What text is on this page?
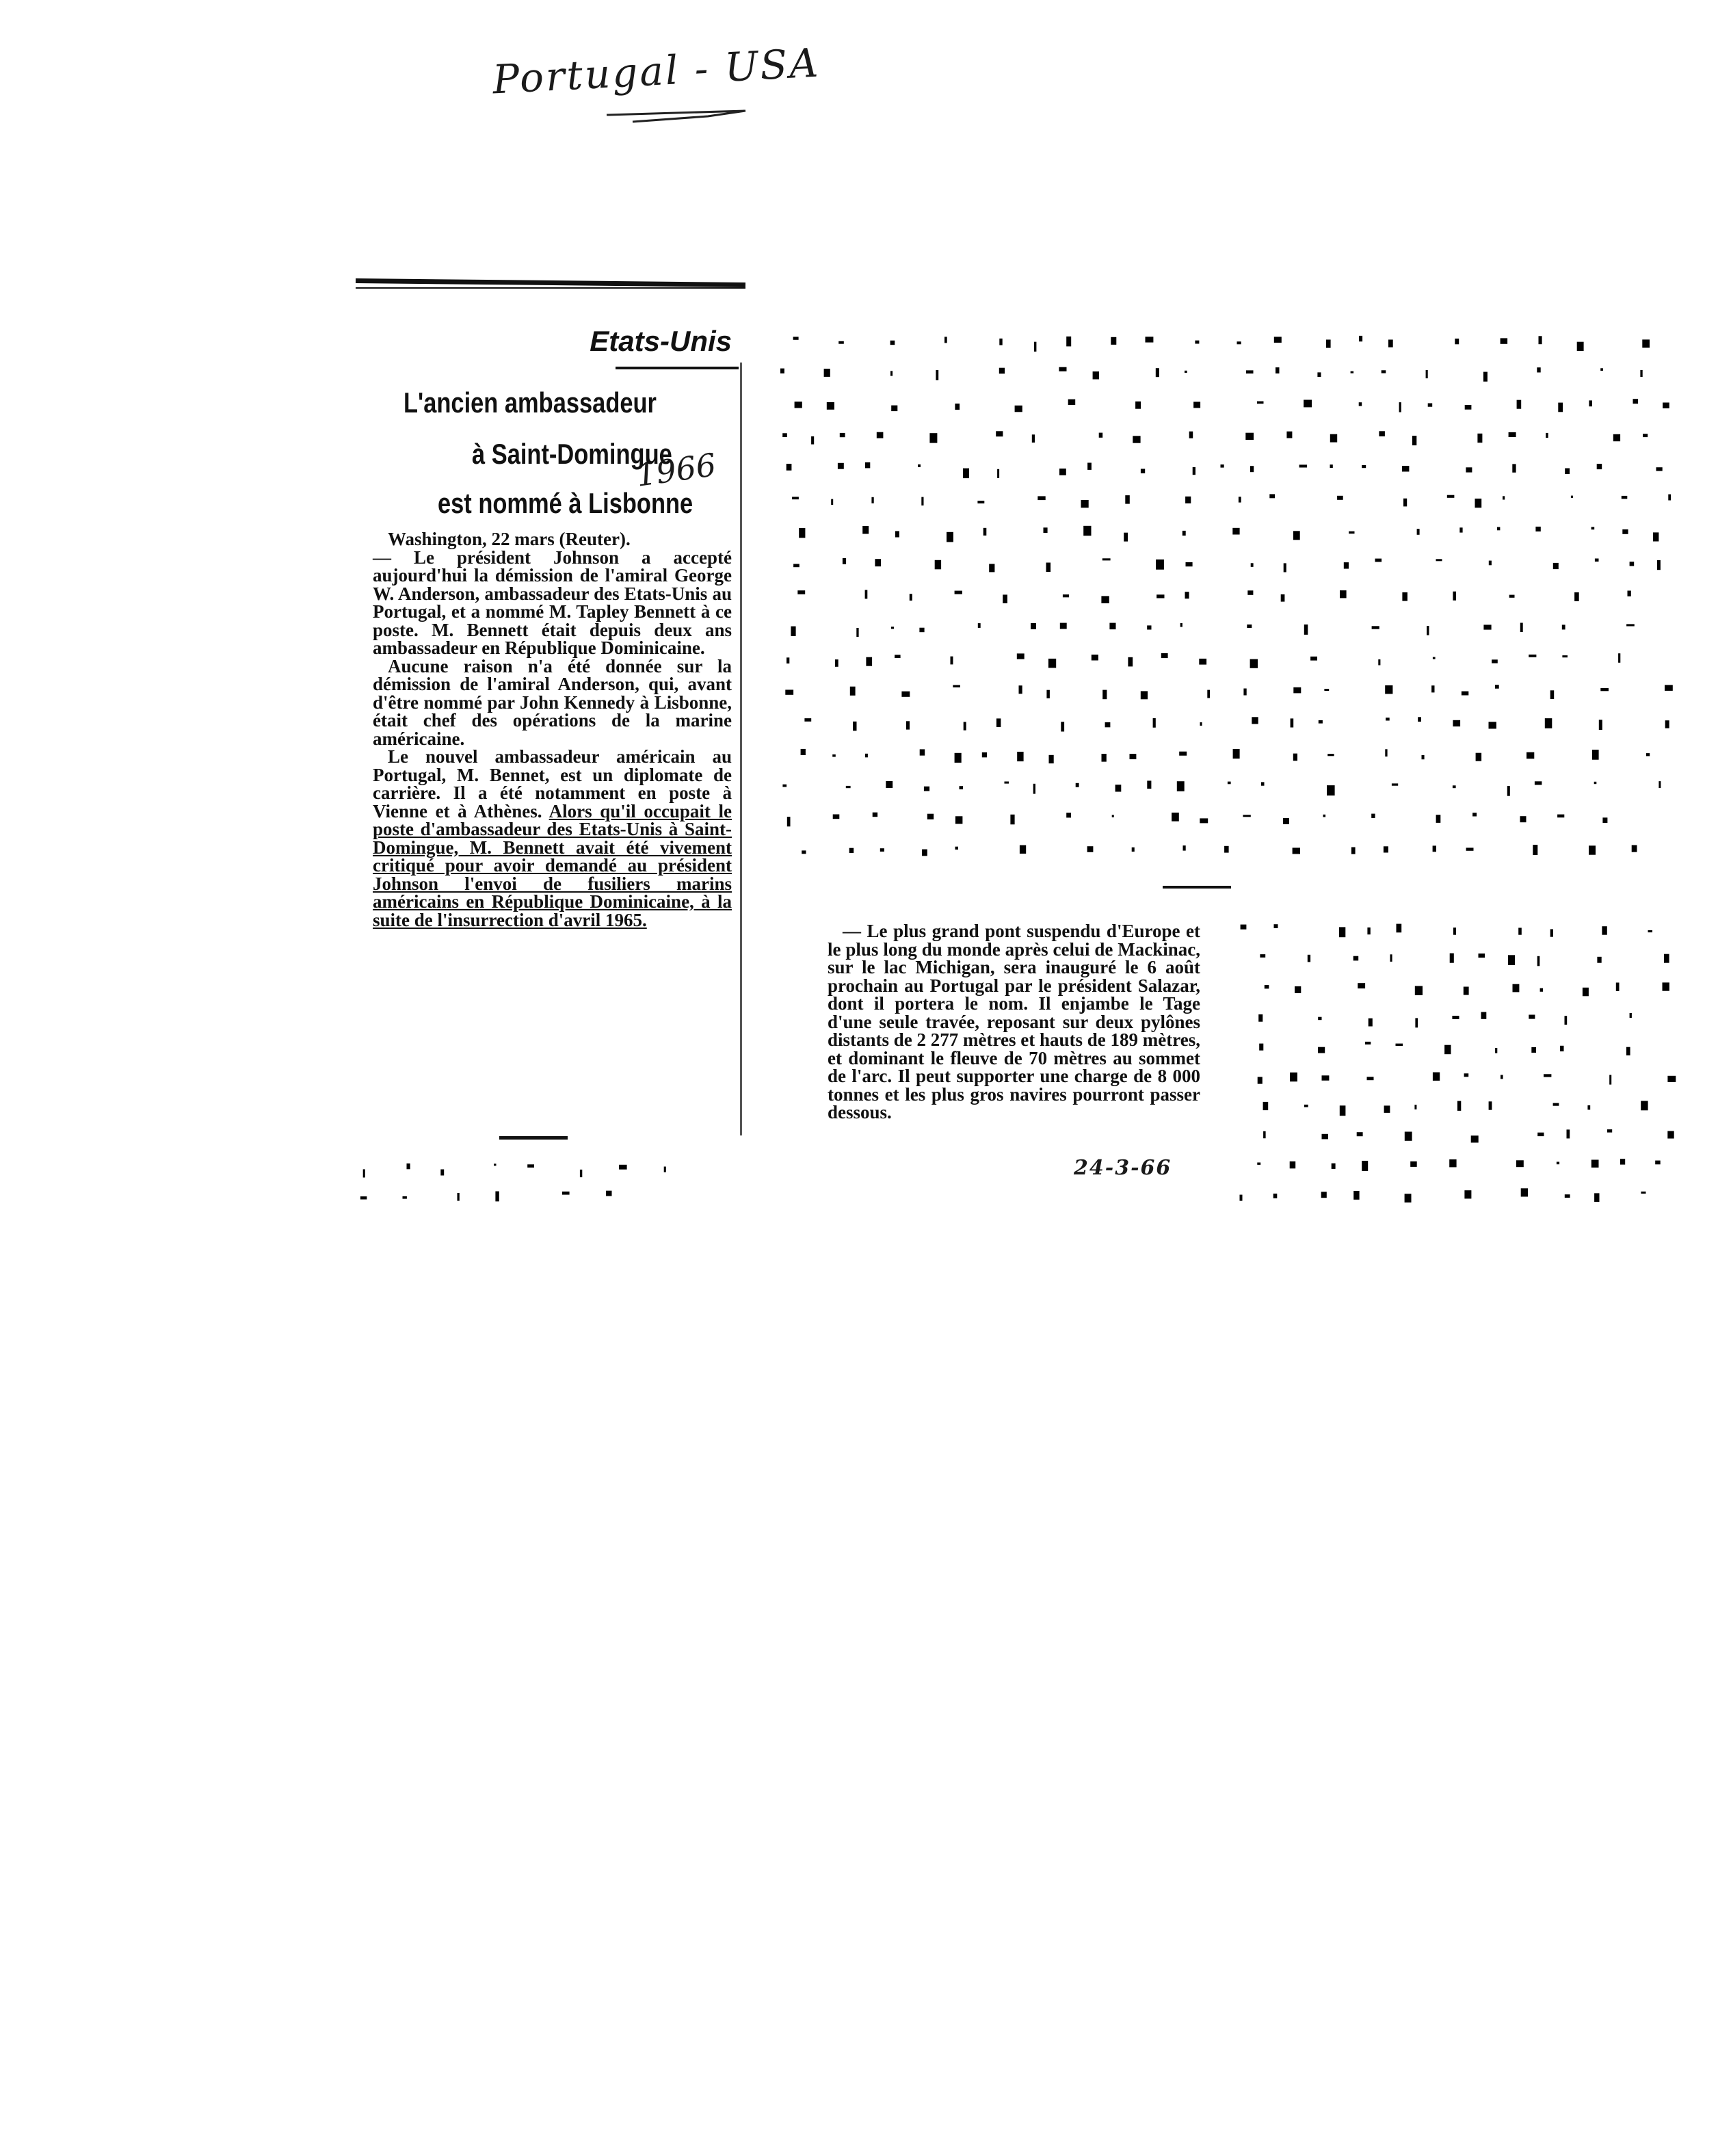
Portugal - USA
1966
Etats-Unis
L'ancien ambassadeur
à Saint-Domingue
est nommé à Lisbonne

Washington, 22 mars (Reuter).

— Le président Johnson a accepté aujourd'hui la démission de l'amiral George W. Anderson, ambassadeur des Etats-Unis au Portugal, et a nommé M. Tapley Bennett à ce poste. M. Bennett était depuis deux ans ambassadeur en République Dominicaine.

Aucune raison n'a été donnée sur la démission de l'amiral Anderson, qui, avant d'être nommé par John Kennedy à Lisbonne, était chef des opérations de la marine américaine.

Le nouvel ambassadeur américain au Portugal, M. Bennet, est un diplomate de carrière. Il a été notamment en poste à Vienne et à Athènes. Alors qu'il occupait le poste d'ambassadeur des Etats-Unis à Saint-Domingue, M. Bennett avait été vivement critiqué pour avoir demandé au président Johnson l'envoi de fusiliers marins américains en République Dominicaine, à la suite de l'insurrection d'avril 1965.

— Le plus grand pont suspendu d'Europe et le plus long du monde après celui de Mackinac, sur le lac Michigan, sera inauguré le 6 août prochain au Portugal par le président Salazar, dont il portera le nom. Il enjambe le Tage d'une seule travée, reposant sur deux pylônes distants de 2 277 mètres et hauts de 189 mètres, et dominant le fleuve de 70 mètres au sommet de l'arc. Il peut supporter une charge de 8 000 tonnes et les plus gros navires pourront passer dessous.

24-3-66
